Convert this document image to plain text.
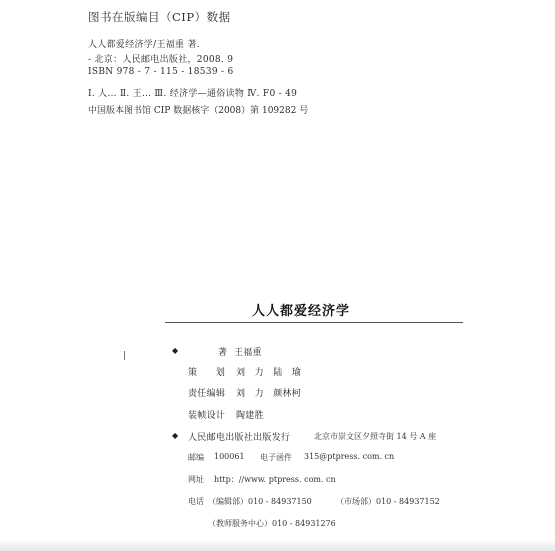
图书在版编目（CIP）数据
人人都爱经济学/王福重 著.
- 北京：人民邮电出版社，2008. 9
ISBN 978 - 7 - 115 - 18539 - 6
Ⅰ. 人… Ⅱ. 王… Ⅲ. 经济学—通俗读物 Ⅳ. F0 - 49
中国版本图书馆 CIP 数据核字（2008）第 109282 号
人人都爱经济学
◆	著 王福重
策　　划 刘　力　陆　瑜
责任编辑 刘　力　颜林柯
装帧设计 陶建胜
◆ 人民邮电出版社出版发行	北京市崇文区夕照寺街 14 号 A 座
邮编 100061 电子函件 315@ptpress. com. cn
网址 http：//www. ptpress. com. cn
电话 （编辑部）010 - 84937150	（市场部）010 - 84937152
（教师服务中心）010 - 84931276
